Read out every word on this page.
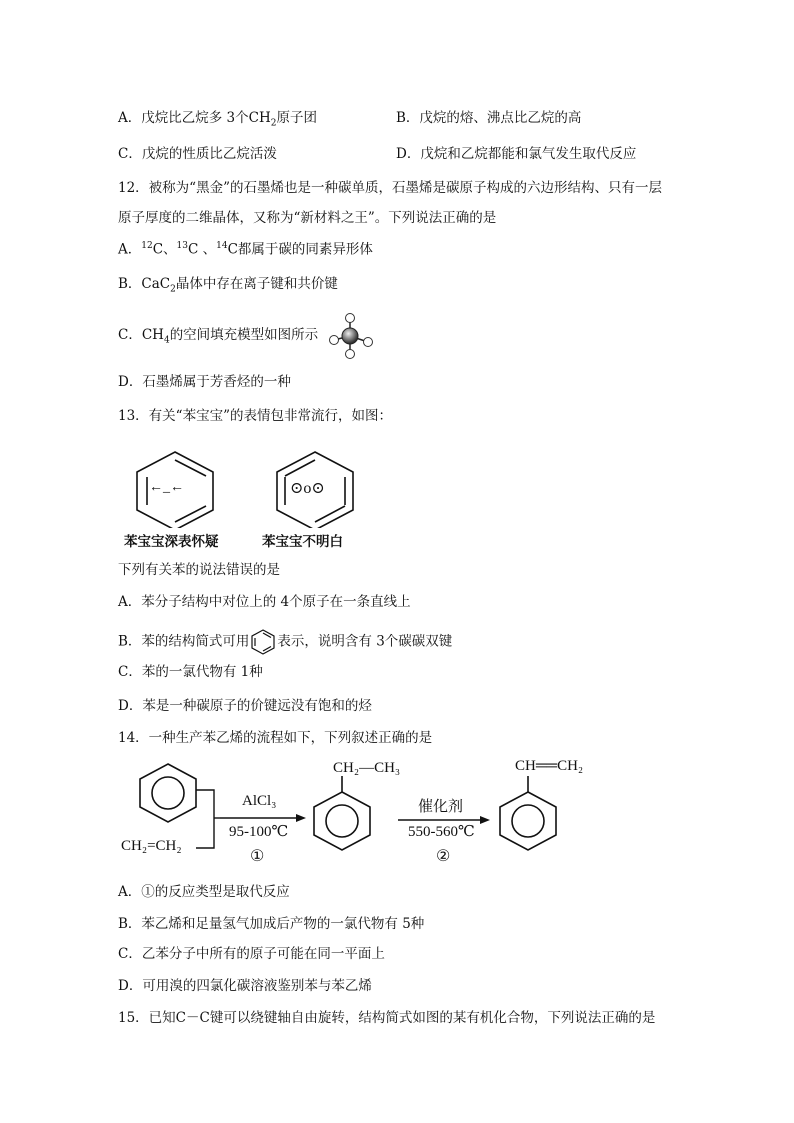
A．戊烷比乙烷多 3个$CH_2$原子团	B．戊烷的熔、沸点比乙烷的高
C．戊烷的性质比乙烷活泼	D．戊烷和乙烷都能和氯气发生取代反应
12．被称为“黑金”的石墨烯也是一种碳单质，石墨烯是碳原子构成的六边形结构、只有一层
原子厚度的二维晶体，又称为“新材料之王”。下列说法正确的是
A．$^{12}$C、$^{13}$C 、$^{14}$C都属于碳的同素异形体
B．CaC$_2$晶体中存在离子键和共价键
C．$CH_4$的空间填充模型如图所示
D．石墨烯属于芳香烃的一种
13．有关“苯宝宝”的表情包非常流行，如图：
←_←
苯宝宝深表怀疑
⊙o⊙
苯宝宝不明白
下列有关苯的说法错误的是
A．苯分子结构中对位上的 4个原子在一条直线上
B．苯的结构简式可用 表示，说明含有 3个碳碳双键
C．苯的一氯代物有 1种
D．苯是一种碳原子的价键远没有饱和的烃
14．一种生产苯乙烯的流程如下，下列叙述正确的是
CH₂=CH₂
AlCl₃
95-100℃
①
CH₂—CH₃
催化剂
550-560℃
②
CH══CH₂
A．①的反应类型是取代反应
B．苯乙烯和足量氢气加成后产物的一氯代物有 5种
C．乙苯分子中所有的原子可能在同一平面上
D．可用溴的四氯化碳溶液鉴别苯与苯乙烯
15．已知C－C键可以绕键轴自由旋转，结构简式如图的某有机化合物，下列说法正确的是
